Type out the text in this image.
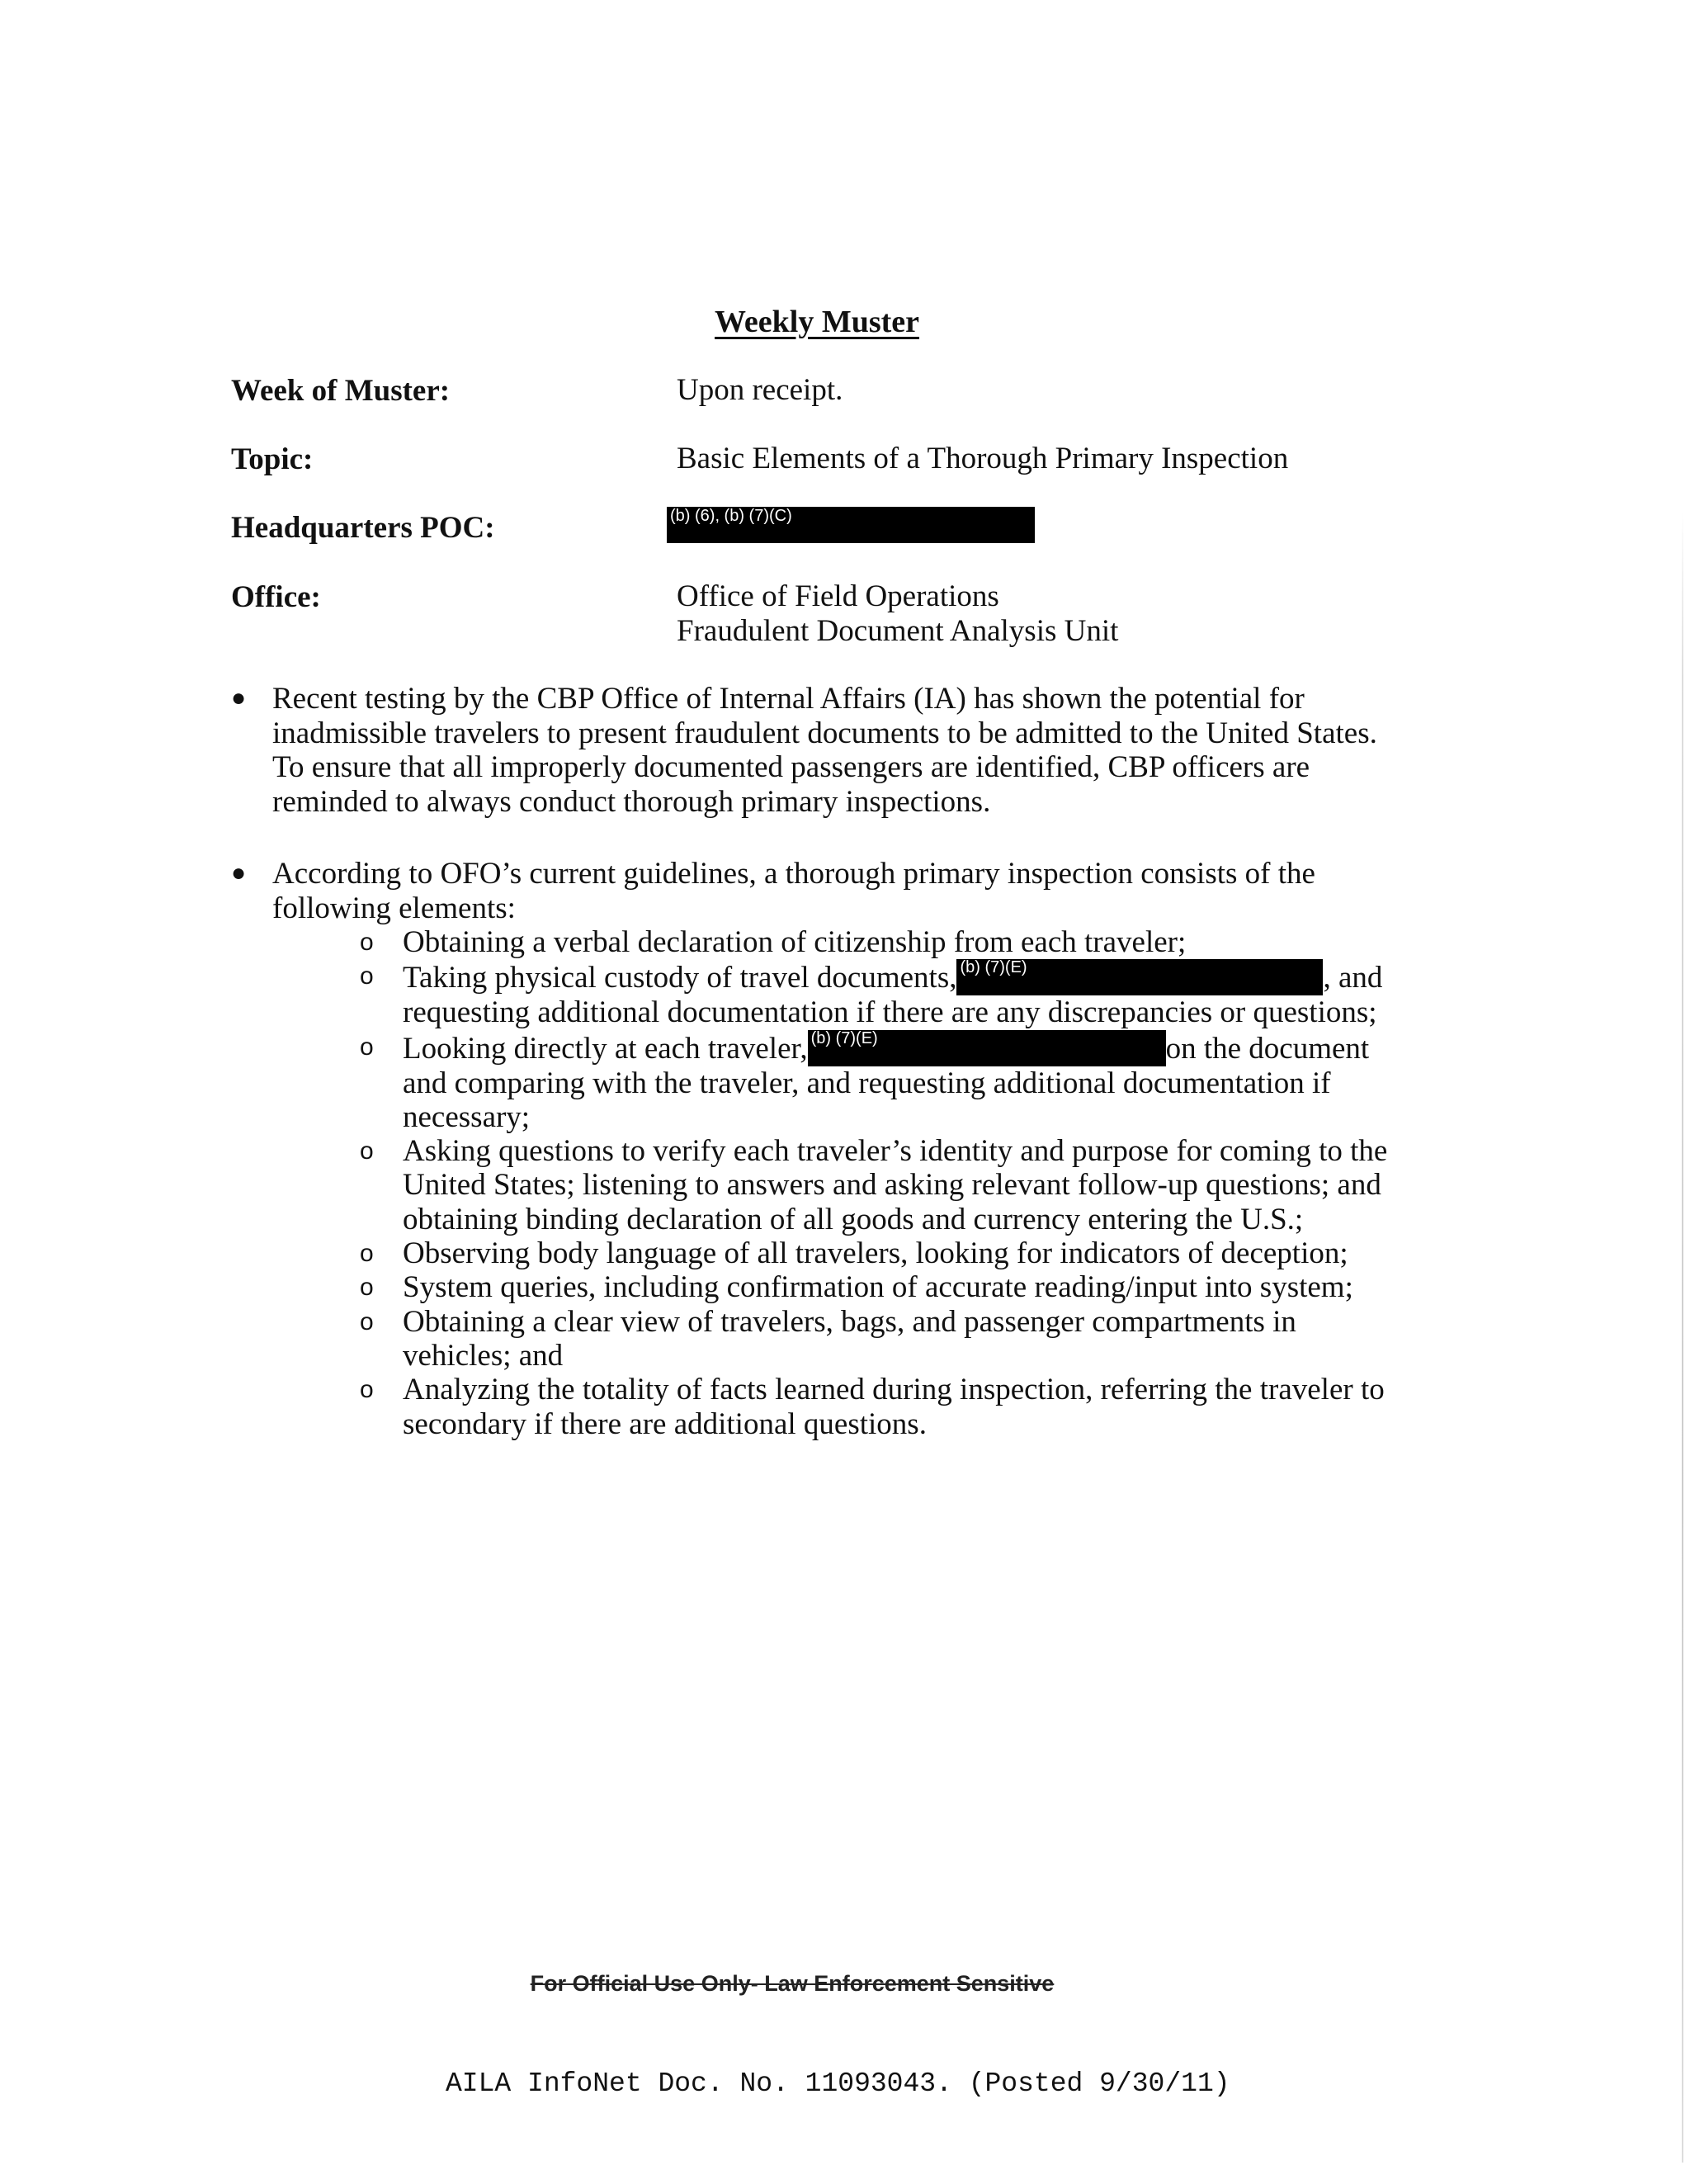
Weekly Muster
Week of Muster:	Upon receipt.
Topic:	Basic Elements of a Thorough Primary Inspection
Headquarters POC:	(b) (6), (b) (7)(C)
Office:	Office of Field Operations
Fraudulent Document Analysis Unit
● Recent testing by the CBP Office of Internal Affairs (IA) has shown the potential for inadmissible travelers to present fraudulent documents to be admitted to the United States. To ensure that all improperly documented passengers are identified, CBP officers are reminded to always conduct thorough primary inspections.
● According to OFO’s current guidelines, a thorough primary inspection consists of the following elements:
o Obtaining a verbal declaration of citizenship from each traveler;
o Taking physical custody of travel documents, (b) (7)(E)	, and requesting additional documentation if there are any discrepancies or questions;
o Looking directly at each traveler, (b) (7)(E)	on the document and comparing with the traveler, and requesting additional documentation if necessary;
o Asking questions to verify each traveler’s identity and purpose for coming to the United States; listening to answers and asking relevant follow-up questions; and obtaining binding declaration of all goods and currency entering the U.S.;
o Observing body language of all travelers, looking for indicators of deception;
o System queries, including confirmation of accurate reading/input into system;
o Obtaining a clear view of travelers, bags, and passenger compartments in vehicles; and
o Analyzing the totality of facts learned during inspection, referring the traveler to secondary if there are additional questions.
For Official Use Only- Law Enforcement Sensitive
AILA InfoNet Doc. No. 11093043. (Posted 9/30/11)
